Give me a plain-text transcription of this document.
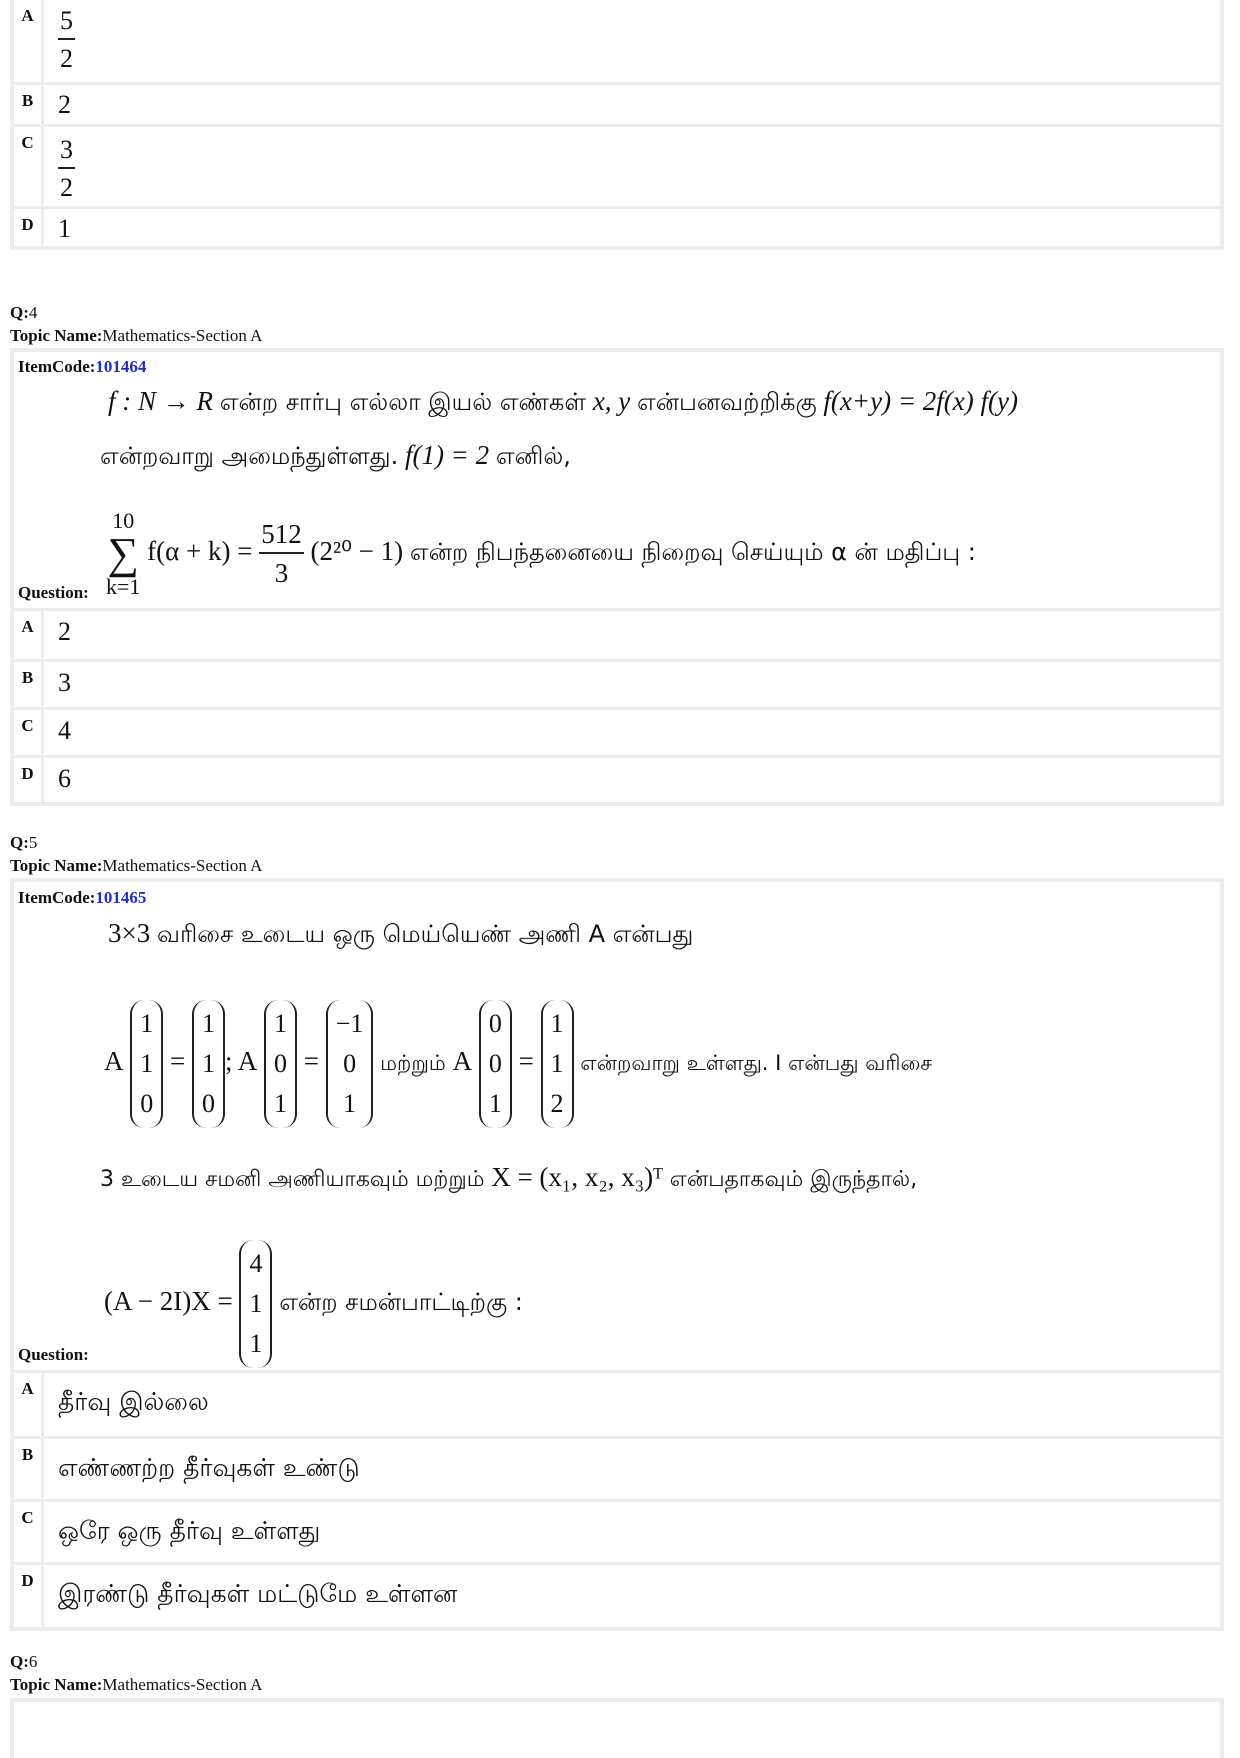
A $\frac{5}{2}$
B 2
C $\frac{3}{2}$
D 1
Q:4
Topic Name:Mathematics-Section A
ItemCode:101464
f : N → R என்ற சார்பு எல்லா இயல் எண்கள் x, y என்பனவற்றிக்கு f(x+y) = 2f(x) f(y)
என்றவாறு அமைந்துள்ளது. f(1) = 2 எனில்,
10
∑
k=1
$f(\alpha + k) = \frac{512}{3} (2^{20} - 1)$ என்ற நிபந்தனையை நிறைவு செய்யும் α ன் மதிப்பு :
Question:
A 2
B 3
C 4
D 6
Q:5
Topic Name:Mathematics-Section A
ItemCode:101465
3×3 வரிசை உடைய ஒரு மெய்யெண் அணி A என்பது
A
1
1
0
=
1
1
0
; A
1
0
1
=
−1
0
1
மற்றும் A
0
0
1
=
1
1
2
என்றவாறு உள்ளது. I என்பது வரிசை
3 உடைய சமனி அணியாகவும் மற்றும் X = (x₁, x₂, x₃)ᵀ என்பதாகவும் இருந்தால்,
(A − 2I)X =
4
1
1
என்ற சமன்பாட்டிற்கு :
Question:
A தீர்வு இல்லை
B எண்ணற்ற தீர்வுகள் உண்டு
C ஒரே ஒரு தீர்வு உள்ளது
D இரண்டு தீர்வுகள் மட்டுமே உள்ளன
Q:6
Topic Name:Mathematics-Section A
